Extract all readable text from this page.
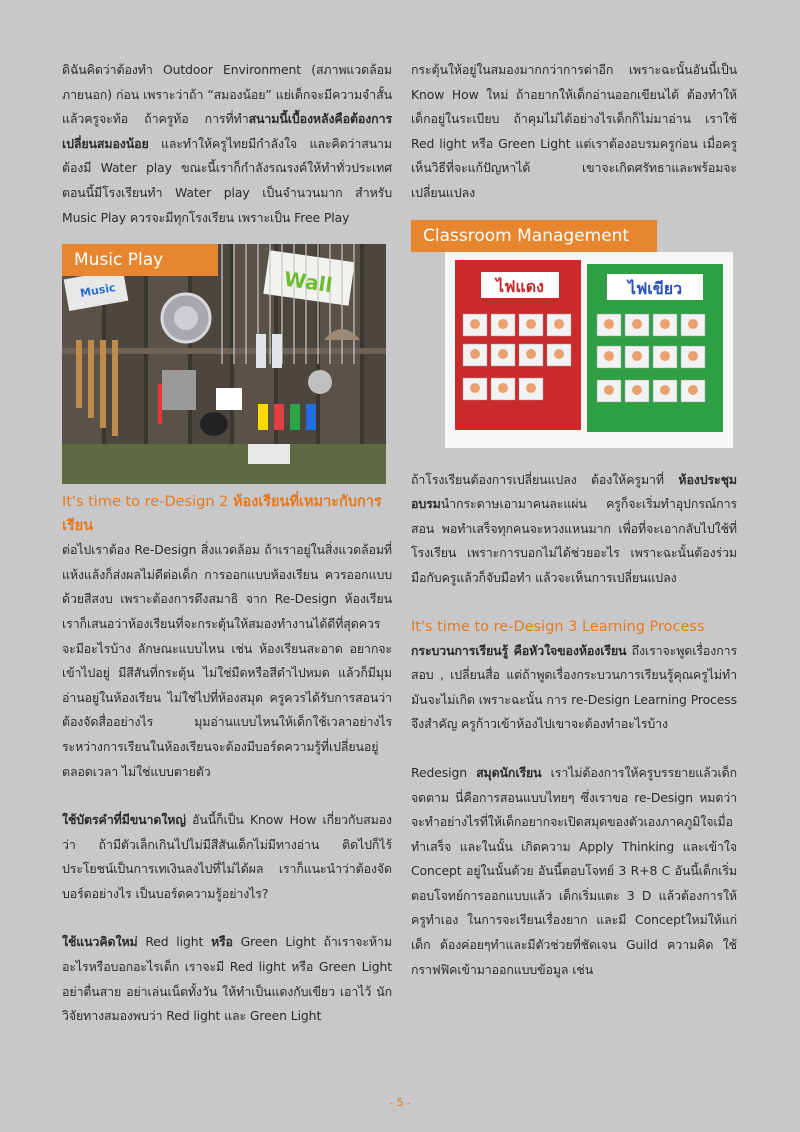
ดิฉันคิดว่าต้องทำ Outdoor Environment (สภาพแวดล้อมภายนอก) ก่อน เพราะว่าถ้า “สมองน้อย” แย่เด็กจะมีความจำสั้น แล้วครูจะท้อ ถ้าครูท้อ การที่ทำสนามนี้เบื้องหลังคือต้องการเปลี่ยนสมองน้อย และทำให้ครูไทยมีกำลังใจ และคิดว่าสนามต้องมี Water play ขณะนี้เราก็กำลังรณรงค์ให้ทำทั่วประเทศ ตอนนี้มีโรงเรียนทำ Water play เป็นจำนวนมาก สำหรับ Music Play ควรจะมีทุกโรงเรียน เพราะเป็น Free Play

Music Play
Music	Wall

It's time to re-Design 2 ห้องเรียนที่เหมาะกับการเรียน

ต่อไปเราต้อง Re-Design สิ่งแวดล้อม ถ้าเราอยู่ในสิ่งแวดล้อมที่แห้งแล้งก็ส่งผลไม่ดีต่อเด็ก การออกแบบห้องเรียน ควรออกแบบด้วยสีสงบ เพราะต้องการดึงสมาธิ จาก Re-Design ห้องเรียน เราก็เสนอว่าห้องเรียนที่จะกระตุ้นให้สมองทำงานได้ดีที่สุดควรจะมีอะไรบ้าง ลักษณะแบบไหน เช่น ห้องเรียนสะอาด อยากจะเข้าไปอยู่ มีสีสันที่กระตุ้น ไม่ใช่มืดหรือสีดำไปหมด แล้วก็มีมุมอ่านอยู่ในห้องเรียน ไม่ใช่ไปที่ห้องสมุด ครูควรได้รับการสอนว่าต้องจัดสื่ออย่างไร มุมอ่านแบบไหนให้เด็กใช้เวลาอย่างไร ระหว่างการเรียนในห้องเรียนจะต้องมีบอร์ดความรู้ที่เปลี่ยนอยู่ตลอดเวลา ไม่ใช่แบบตายตัว

ใช้บัตรคำที่มีขนาดใหญ่ อันนี้ก็เป็น Know How เกี่ยวกับสมองว่า ถ้ามีตัวเล็กเกินไปไม่มีสีสันเด็กไม่มีทางอ่าน ติดไปก็ไร้ประโยชน์เป็นการเทเงินลงไปที่ไม่ได้ผล เราก็แนะนำว่าต้องจัดบอร์ดอย่างไร เป็นบอร์ดความรู้อย่างไร?

ใช้แนวคิดใหม่ Red light หรือ Green Light ถ้าเราจะห้ามอะไรหรือบอกอะไรเด็ก เราจะมี Red light หรือ Green Light อย่าตื่นสาย อย่าเล่นเน็ตทั้งวัน ให้ทำเป็นแดงกับเขียว เอาไว้ นักวิจัยทางสมองพบว่า Red light และ Green Light

กระตุ้นให้อยู่ในสมองมากกว่าการด่าอีก เพราะฉะนั้นอันนี้เป็น Know How ใหม่ ถ้าอยากให้เด็กอ่านออกเขียนได้ ต้องทำให้เด็กอยู่ในระเบียบ ถ้าคุมไม่ได้อย่างไรเด็กก็ไม่มาอ่าน เราใช้ Red light หรือ Green Light แต่เราต้องอบรมครูก่อน เมื่อครูเห็นวิธีที่จะแก้ปัญหาได้ เขาจะเกิดศรัทธาและพร้อมจะเปลี่ยนแปลง

Classroom Management
ไฟแดง	ไฟเขียว

ถ้าโรงเรียนต้องการเปลี่ยนแปลง ต้องให้ครูมาที่ ห้องประชุมอบรมนำกระดาษเอามาคนละแผ่น ครูก็จะเริ่มทำอุปกรณ์การสอน พอทำเสร็จทุกคนจะหวงแหนมาก เพื่อที่จะเอากลับไปใช้ที่โรงเรียน เพราะการบอกไม่ได้ช่วยอะไร เพราะฉะนั้นต้องร่วมมือกับครูแล้วก็จับมือทำ แล้วจะเห็นการเปลี่ยนแปลง

It's time to re-Design 3 Learning Process

กระบวนการเรียนรู้ คือหัวใจของห้องเรียน ถึงเราจะพูดเรื่องการสอบ , เปลี่ยนสื่อ แต่ถ้าพูดเรื่องกระบวนการเรียนรู้คุณครูไม่ทำมันจะไม่เกิด เพราะฉะนั้น การ re-Design Learning Process จึงสำคัญ ครูก้าวเข้าห้องไปเขาจะต้องทำอะไรบ้าง

Redesign สมุดนักเรียน เราไม่ต้องการให้ครูบรรยายแล้วเด็กจดตาม นี่คือการสอนแบบไทยๆ ซึ่งเราขอ re-Design หมดว่าจะทำอย่างไรที่ให้เด็กอยากจะเปิดสมุดของตัวเองภาคภูมิใจเมื่อทำเสร็จ และในนั้น เกิดความ Apply Thinking และเข้าใจ Concept อยู่ในนั้นด้วย อันนี้ตอบโจทย์ 3 R+8 C อันนี้เด็กเริ่มตอบโจทย์การออกแบบแล้ว เด็กเริ่มแตะ 3 D แล้วต้องการให้ครูทำเอง ในการจะเรียนเรื่องยาก และมี Conceptใหม่ให้แก่เด็ก ต้องค่อยๆทำและมีตัวช่วยที่ชัดเจน Guild ความคิด ใช้กราฟฟิคเข้ามาออกแบบข้อมูล เช่น

- 5 -
